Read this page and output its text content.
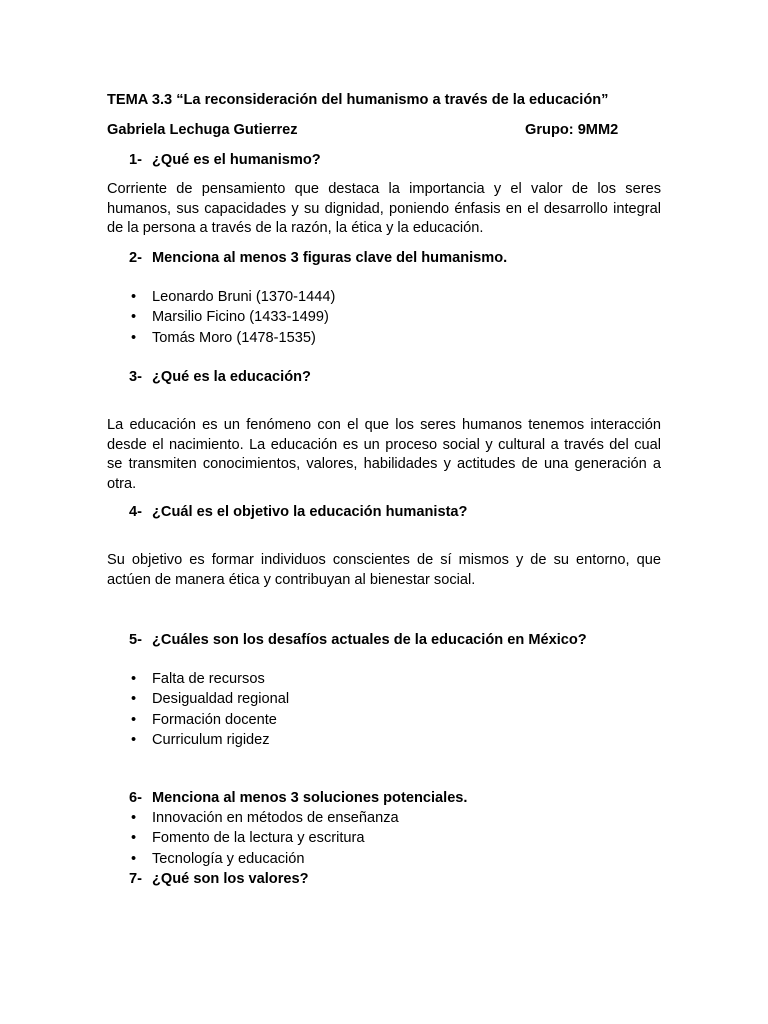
TEMA 3.3 “La reconsideración del humanismo a través de la educación”
Gabriela Lechuga Gutierrez	Grupo: 9MM2
1- ¿Qué es el humanismo?

Corriente de pensamiento que destaca la importancia y el valor de los seres humanos, sus capacidades y su dignidad, poniendo énfasis en el desarrollo integral de la persona a través de la razón, la ética y la educación.

2- Menciona al menos 3 figuras clave del humanismo.
• Leonardo Bruni (1370-1444)
• Marsilio Ficino (1433-1499)
• Tomás Moro (1478-1535)
3- ¿Qué es la educación?

La educación es un fenómeno con el que los seres humanos tenemos interacción desde el nacimiento. La educación es un proceso social y cultural a través del cual se transmiten conocimientos, valores, habilidades y actitudes de una generación a otra.

4- ¿Cuál es el objetivo la educación humanista?

Su objetivo es formar individuos conscientes de sí mismos y de su entorno, que actúen de manera ética y contribuyan al bienestar social.

5- ¿Cuáles son los desafíos actuales de la educación en México?
• Falta de recursos
• Desigualdad regional
• Formación docente
• Curriculum rigidez
6- Menciona al menos 3 soluciones potenciales.
• Innovación en métodos de enseñanza
• Fomento de la lectura y escritura
• Tecnología y educación
7- ¿Qué son los valores?
